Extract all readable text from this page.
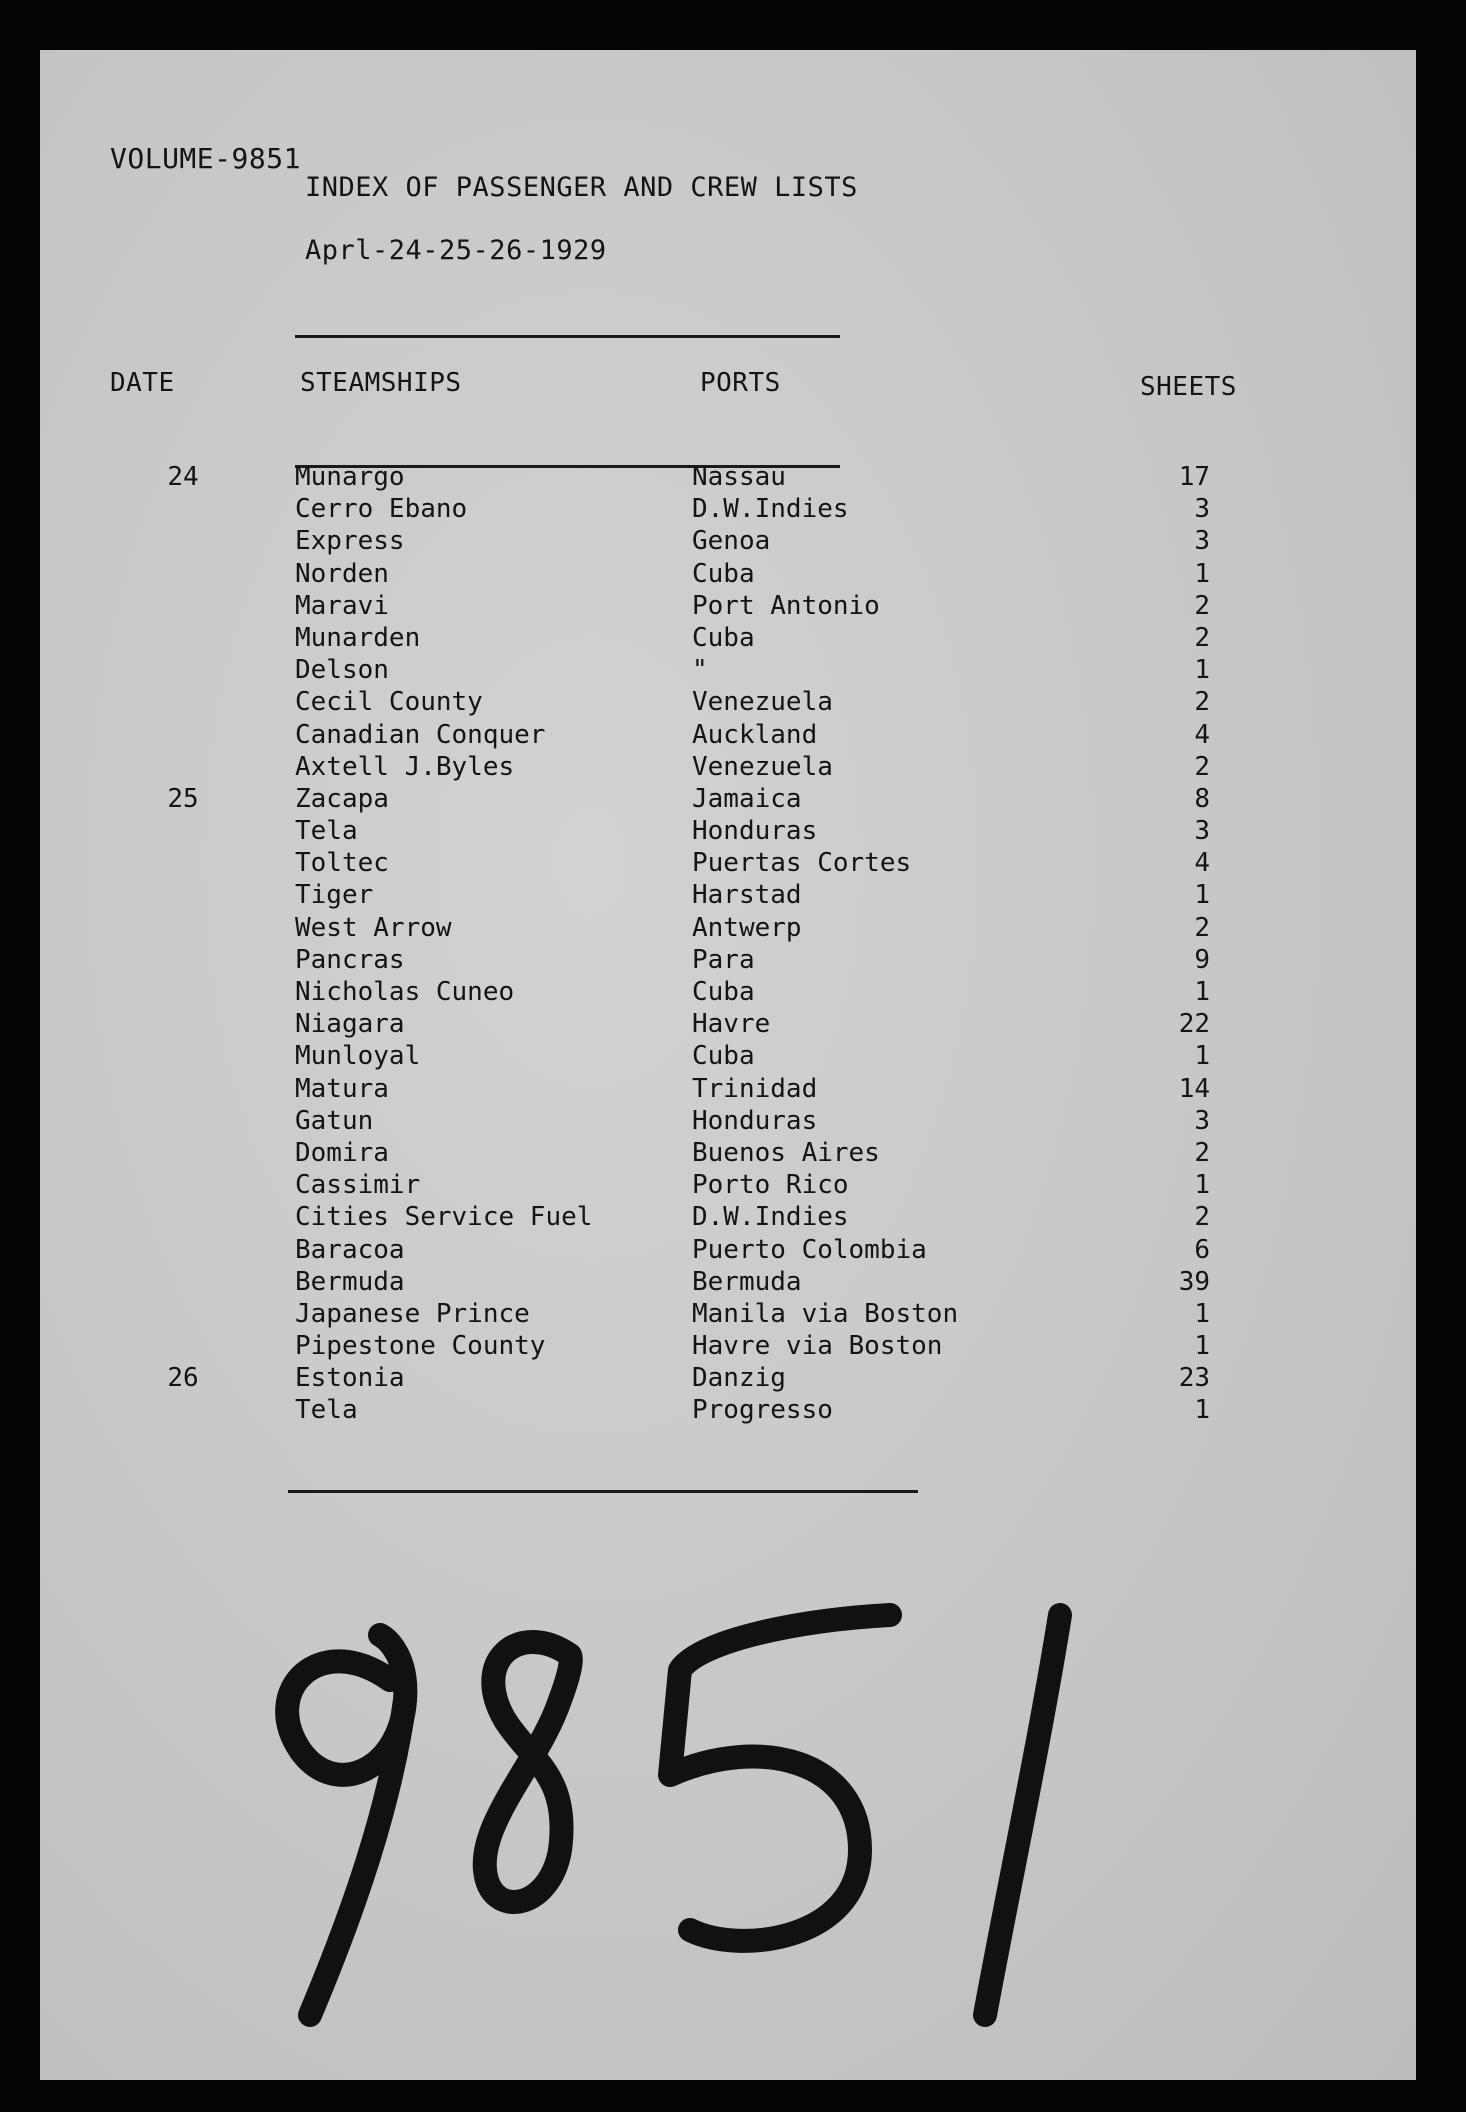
VOLUME-9851
INDEX OF PASSENGER AND CREW LISTS
Aprl-24-25-26-1929
DATE	STEAMSHIPS	PORTS	SHEETS
24	Munargo	Nassau	17
Cerro Ebano	D.W.Indies	3
Express	Genoa	3
Norden	Cuba	1
Maravi	Port Antonio	2
Munarden	Cuba	2
Delson	"	1
Cecil County	Venezuela	2
Canadian Conquer	Auckland	4
Axtell J.Byles	Venezuela	2
25	Zacapa	Jamaica	8
Tela	Honduras	3
Toltec	Puertas Cortes	4
Tiger	Harstad	1
West Arrow	Antwerp	2
Pancras	Para	9
Nicholas Cuneo	Cuba	1
Niagara	Havre	22
Munloyal	Cuba	1
Matura	Trinidad	14
Gatun	Honduras	3
Domira	Buenos Aires	2
Cassimir	Porto Rico	1
Cities Service Fuel	D.W.Indies	2
Baracoa	Puerto Colombia	6
Bermuda	Bermuda	39
Japanese Prince	Manila via Boston	1
Pipestone County	Havre via Boston	1
26	Estonia	Danzig	23
Tela	Progresso	1
